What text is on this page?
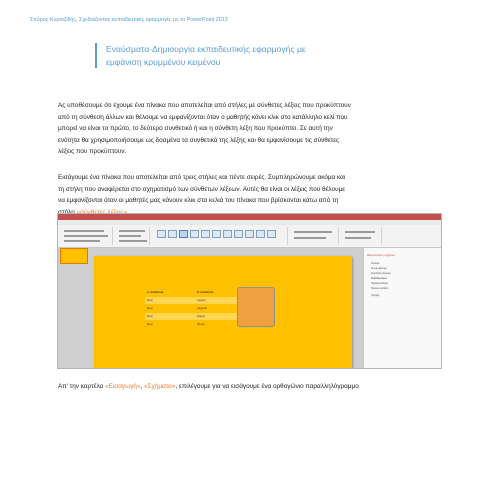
Σπύρος Κυριαζίδης, Σχεδιάζοντας εκπαιδευτικές εφαρμογές με το PowerPoint 2013
Εναύσματα-Δημιουργία εκπαιδευτικής εφαρμογής με
εμφάνιση κρυμμένου κειμένου
Ας υποθέσουμε ότι έχουμε ένα πίνακα που αποτελείται από στήλες με σύνθετες λέξεις που προκύπτουν
από τη σύνθεση άλλων και θέλουμε να εμφανίζονται όταν ο μαθητής κάνει κλικ στο κατάλληλο κελί που
μπορεί να είναι το πρώτο, το δεύτερο συνθετικό ή και η σύνθετη λέξη που προκύπτει. Σε αυτή την
ενότητα θα χρησιμοποιήσουμε ως δοσμένα τα συνθετικά της λέξης και θα εμφανίσουμε τις σύνθετες
λέξεις που προκύπτουν.
Εισάγουμε ένα πίνακα που αποτελείται από τρεις στήλες και πέντε σειρές. Συμπληρώνουμε ακόμα και
τη στήλη που αναφέρεται στο σχηματισμό των σύνθετων λέξεων. Αυτές θα είναι οι λέξεις που θέλουμε
να εμφανίζονται όταν οι μαθητές μας κάνουν κλικ στα κελιά του πίνακα που βρίσκονται κάτω από τη
α' συνθετικό	β' συνθετικό
δρυς	τομέας
δρυς	μάχομαι
δρυς	φάγος
δρυς	δάσος
Μορφοποίηση σχήματος
Γέμισμα
Χωρίς γέμισμα
Συμπαγές γέμισμα
Διαβαθμισμένο
Γέμισμα εικόνας
Γέμισμα μοτίβου
Γραμμή
Απ' την καρτέλα «Εισαγωγή», «Σχήματα», επιλέγουμε για να εισάγουμε ένα ορθογώνιο παραλληλόγραμμο
